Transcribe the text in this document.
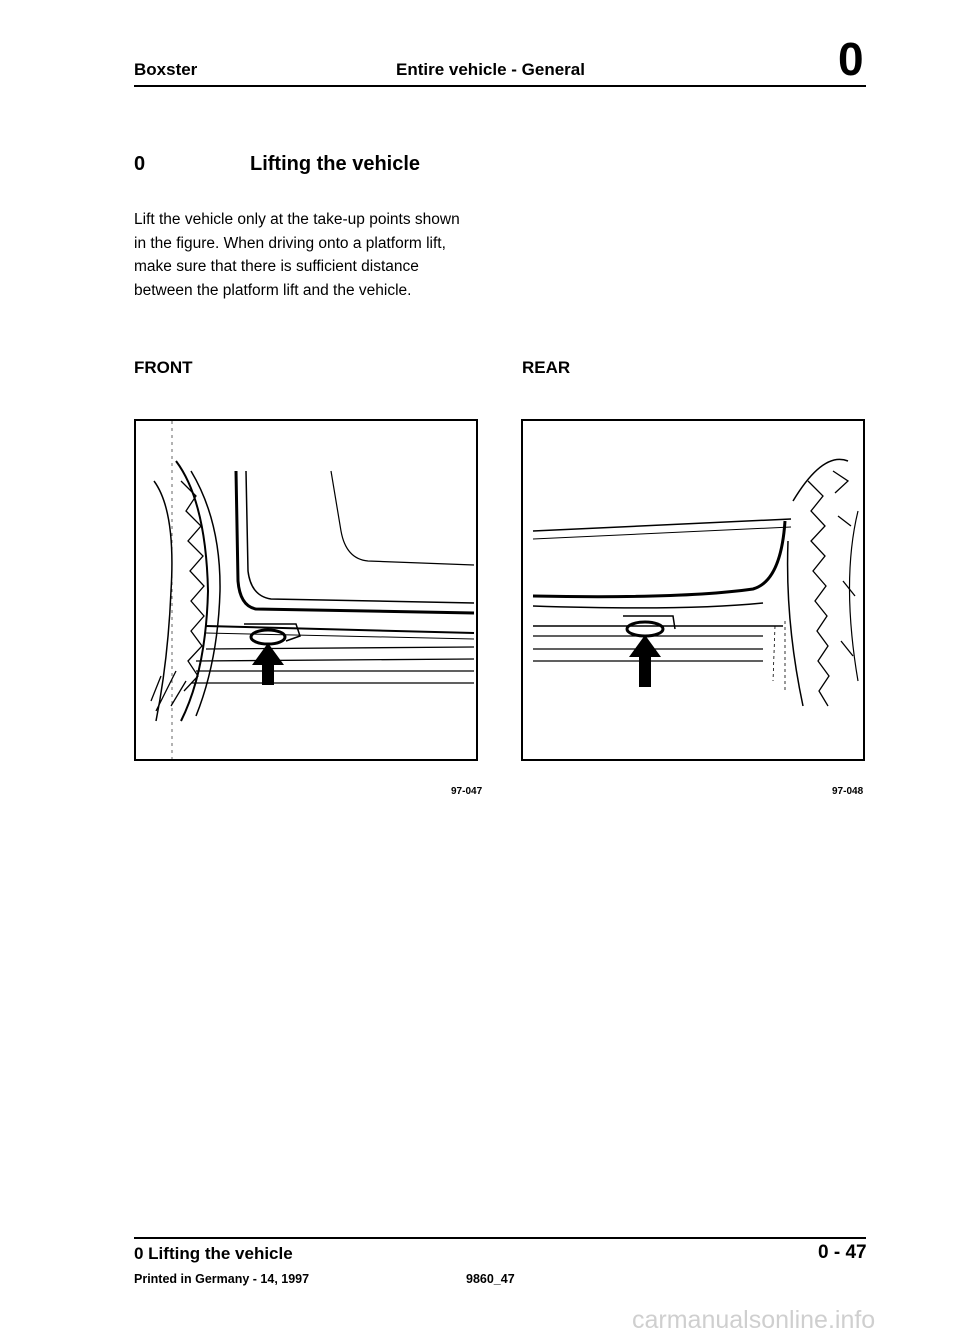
Boxster	Entire vehicle - General	0
0	Lifting the vehicle
Lift the vehicle only at the take-up points shown
in the figure. When driving onto a platform lift,
make sure that there is sufficient distance
between the platform lift and the vehicle.
FRONT	REAR
97-047	97-048
0 Lifting the vehicle	0 - 47
Printed in Germany - 14, 1997	9860_47
carmanualsonline.info
